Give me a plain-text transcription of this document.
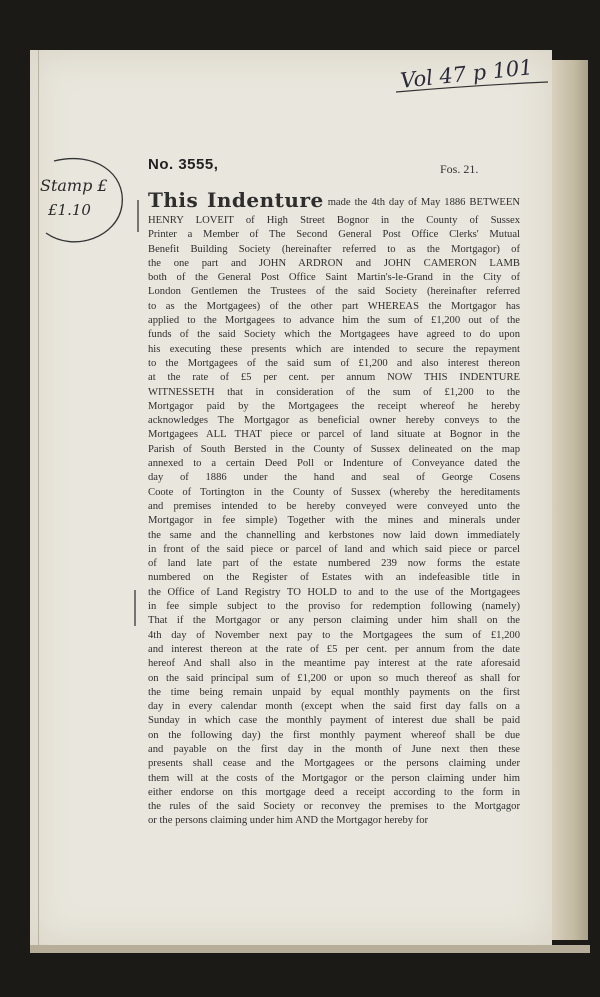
Stamp £
£1.10
Vol 47 p 101
No. 3555,	Fos. 21.
This Indenture made the 4th day of May 1886 BETWEEN
HENRY LOVEIT of High Street Bognor in the County of Sussex
Printer a Member of The Second General Post Office Clerks' Mutual
Benefit Building Society (hereinafter referred to as the Mortgagor) of
the one part and JOHN ARDRON and JOHN CAMERON LAMB
both of the General Post Office Saint Martin's-le-Grand in the City of
London Gentlemen the Trustees of the said Society (hereinafter referred
to as the Mortgagees) of the other part WHEREAS the Mortgagor has
applied to the Mortgagees to advance him the sum of £1,200 out of the
funds of the said Society which the Mortgagees have agreed to do upon
his executing these presents which are intended to secure the repayment
to the Mortgagees of the said sum of £1,200 and also interest thereon
at the rate of £5 per cent. per annum NOW THIS INDENTURE
WITNESSETH that in consideration of the sum of £1,200 to the
Mortgagor paid by the Mortgagees the receipt whereof he hereby
acknowledges The Mortgagor as beneficial owner hereby conveys to the
Mortgagees ALL THAT piece or parcel of land situate at Bognor in the
Parish of South Bersted in the County of Sussex delineated on the map
annexed to a certain Deed Poll or Indenture of Conveyance dated the
day of 1886 under the hand and seal of George Cosens
Coote of Tortington in the County of Sussex (whereby the hereditaments
and premises intended to be hereby conveyed were conveyed unto the
Mortgagor in fee simple) Together with the mines and minerals under
the same and the channelling and kerbstones now laid down immediately
in front of the said piece or parcel of land and which said piece or parcel
of land late part of the estate numbered 239 now forms the estate
numbered on the Register of Estates with an indefeasible title in
the Office of Land Registry TO HOLD to and to the use of the Mortgagees
in fee simple subject to the proviso for redemption following (namely)
That if the Mortgagor or any person claiming under him shall on the
4th day of November next pay to the Mortgagees the sum of £1,200
and interest thereon at the rate of £5 per cent. per annum from the date
hereof And shall also in the meantime pay interest at the rate aforesaid
on the said principal sum of £1,200 or upon so much thereof as shall for
the time being remain unpaid by equal monthly payments on the first
day in every calendar month (except when the said first day falls on a
Sunday in which case the monthly payment of interest due shall be paid
on the following day) the first monthly payment whereof shall be due
and payable on the first day in the month of June next then these
presents shall cease and the Mortgagees or the persons claiming under
them will at the costs of the Mortgagor or the person claiming under him
either endorse on this mortgage deed a receipt according to the form in
the rules of the said Society or reconvey the premises to the Mortgagor
or the persons claiming under him AND the Mortgagor hereby for
